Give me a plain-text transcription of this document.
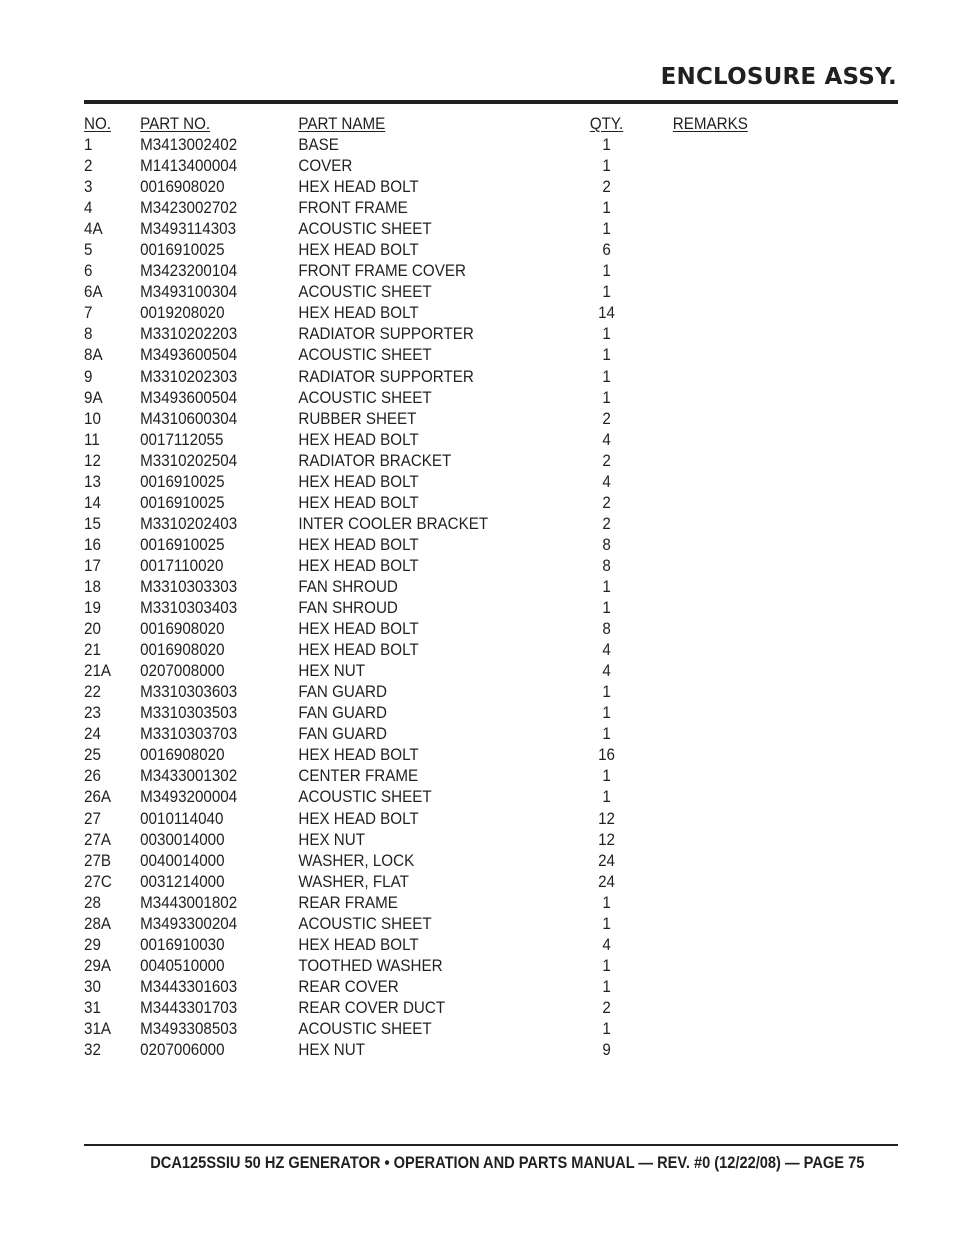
ENCLOSURE ASSY.
NO. PART NO.	PART NAME	QTY.	REMARKS
1	M3413002402	BASE	1
2	M1413400004	COVER	1
3	0016908020	HEX HEAD BOLT	2
4	M3423002702	FRONT FRAME	1
4A M3493114303	ACOUSTIC SHEET	1
5	0016910025	HEX HEAD BOLT	6
6	M3423200104	FRONT FRAME COVER	1
6A M3493100304	ACOUSTIC SHEET	1
7	0019208020	HEX HEAD BOLT	14
8	M3310202203	RADIATOR SUPPORTER	1
8A M3493600504	ACOUSTIC SHEET	1
9	M3310202303	RADIATOR SUPPORTER	1
9A M3493600504	ACOUSTIC SHEET	1
10 M4310600304	RUBBER SHEET	2
11 0017112055	HEX HEAD BOLT	4
12 M3310202504	RADIATOR BRACKET	2
13 0016910025	HEX HEAD BOLT	4
14 0016910025	HEX HEAD BOLT	2
15 M3310202403	INTER COOLER BRACKET	2
16 0016910025	HEX HEAD BOLT	8
17 0017110020	HEX HEAD BOLT	8
18 M3310303303	FAN SHROUD	1
19 M3310303403	FAN SHROUD	1
20 0016908020	HEX HEAD BOLT	8
21 0016908020	HEX HEAD BOLT	4
21A 0207008000	HEX NUT	4
22 M3310303603	FAN GUARD	1
23 M3310303503	FAN GUARD	1
24 M3310303703	FAN GUARD	1
25 0016908020	HEX HEAD BOLT	16
26 M3433001302	CENTER FRAME	1
26A M3493200004	ACOUSTIC SHEET	1
27 0010114040	HEX HEAD BOLT	12
27A 0030014000	HEX NUT	12
27B 0040014000	WASHER, LOCK	24
27C 0031214000	WASHER, FLAT	24
28 M3443001802	REAR FRAME	1
28A M3493300204	ACOUSTIC SHEET	1
29 0016910030	HEX HEAD BOLT	4
29A 0040510000	TOOTHED WASHER	1
30 M3443301603	REAR COVER	1
31 M3443301703	REAR COVER DUCT	2
31A M3493308503	ACOUSTIC SHEET	1
32 0207006000	HEX NUT	9
DCA125SSIU 50 HZ GENERATOR • OPERATION AND PARTS MANUAL — REV. #0 (12/22/08) — PAGE 75
